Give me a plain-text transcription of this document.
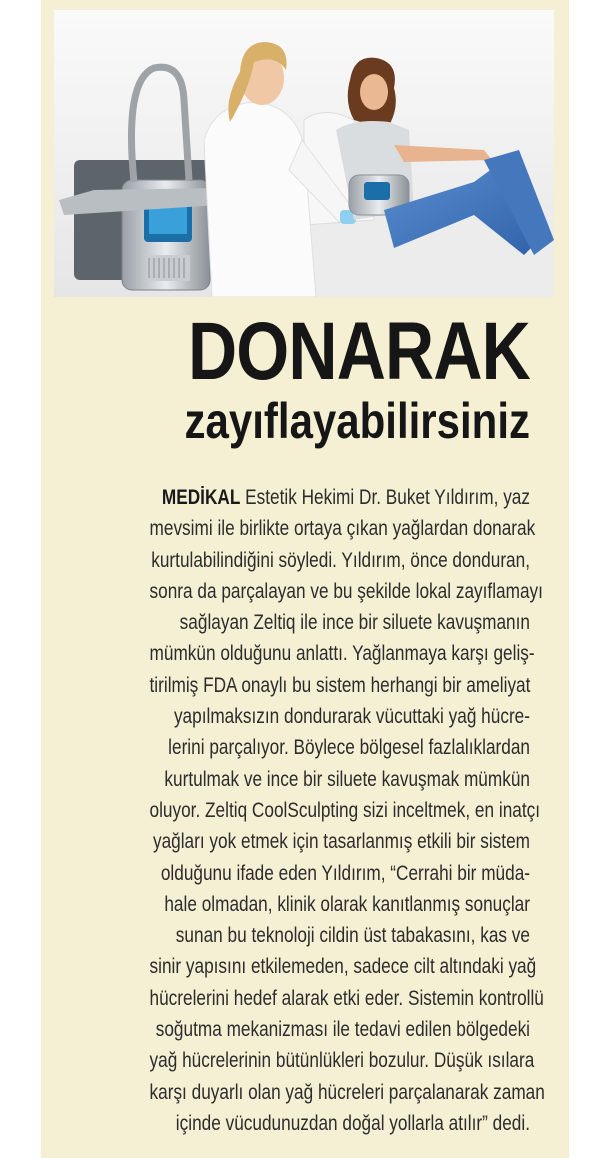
DONARAK
zayıflayabilirsiniz
MEDİKAL Estetik Hekimi Dr. Buket Yıldırım, yaz
mevsimi ile birlikte ortaya çıkan yağlardan donarak
kurtulabilindiğini söyledi. Yıldırım, önce donduran,
sonra da parçalayan ve bu şekilde lokal zayıflamayı
sağlayan Zeltiq ile ince bir siluete kavuşmanın
mümkün olduğunu anlattı. Yağlanmaya karşı geliş-
tirilmiş FDA onaylı bu sistem herhangi bir ameliyat
yapılmaksızın dondurarak vücuttaki yağ hücre-
lerini parçalıyor. Böylece bölgesel fazlalıklardan
kurtulmak ve ince bir siluete kavuşmak mümkün
oluyor. Zeltiq CoolSculpting sizi inceltmek, en inatçı
yağları yok etmek için tasarlanmış etkili bir sistem
olduğunu ifade eden Yıldırım, “Cerrahi bir müda-
hale olmadan, klinik olarak kanıtlanmış sonuçlar
sunan bu teknoloji cildin üst tabakasını, kas ve
sinir yapısını etkilemeden, sadece cilt altındaki yağ
hücrelerini hedef alarak etki eder. Sistemin kontrollü
soğutma mekanizması ile tedavi edilen bölgedeki
yağ hücrelerinin bütünlükleri bozulur. Düşük ısılara
karşı duyarlı olan yağ hücreleri parçalanarak zaman
içinde vücudunuzdan doğal yollarla atılır” dedi.
